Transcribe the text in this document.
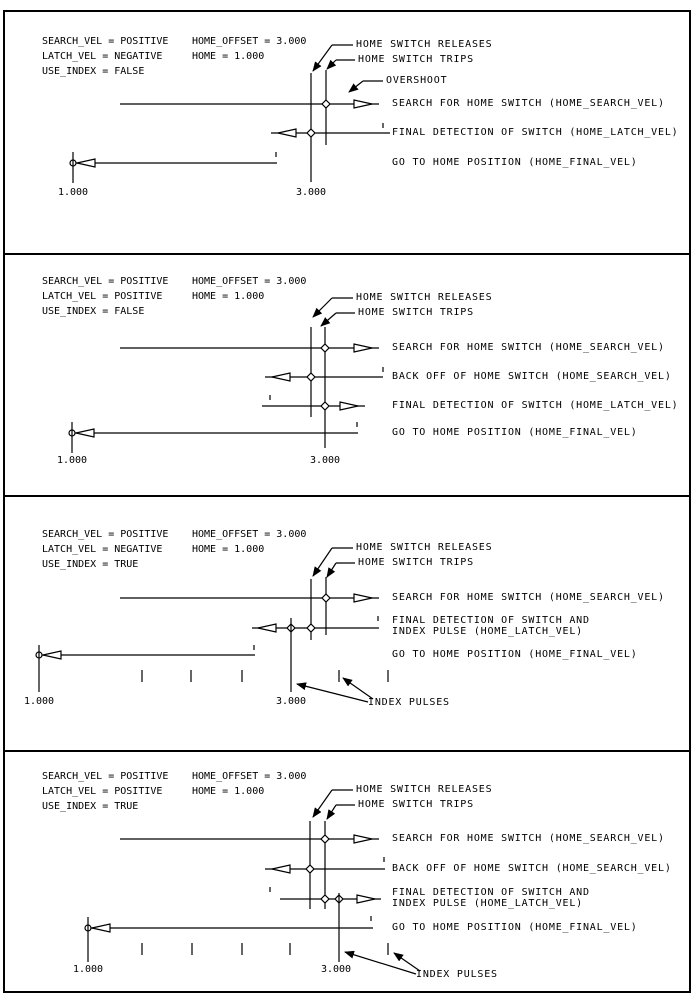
SEARCH_VEL = POSITIVE HOME_OFFSET = 3.000
LATCH_VEL = NEGATIVE	HOME = 1.000
USE_INDEX = FALSE
HOME SWITCH RELEASES
HOME SWITCH TRIPS
OVERSHOOT
SEARCH FOR HOME SWITCH (HOME_SEARCH_VEL)
FINAL DETECTION OF SWITCH (HOME_LATCH_VEL)
GO TO HOME POSITION (HOME_FINAL_VEL)
1.000	3.000
SEARCH_VEL = POSITIVE HOME_OFFSET = 3.000
LATCH_VEL = POSITIVE	HOME = 1.000
USE_INDEX = FALSE
HOME SWITCH RELEASES
HOME SWITCH TRIPS
SEARCH FOR HOME SWITCH (HOME_SEARCH_VEL)
BACK OFF OF HOME SWITCH (HOME_SEARCH_VEL)
FINAL DETECTION OF SWITCH (HOME_LATCH_VEL)
GO TO HOME POSITION (HOME_FINAL_VEL)
1.000	3.000
SEARCH_VEL = POSITIVE HOME_OFFSET = 3.000
LATCH_VEL = NEGATIVE	HOME = 1.000
USE_INDEX = TRUE
HOME SWITCH RELEASES
HOME SWITCH TRIPS
SEARCH FOR HOME SWITCH (HOME_SEARCH_VEL)
FINAL DETECTION OF SWITCH AND
INDEX PULSE (HOME_LATCH_VEL)
GO TO HOME POSITION (HOME_FINAL_VEL)
INDEX PULSES
1.000	3.000
SEARCH_VEL = POSITIVE HOME_OFFSET = 3.000
LATCH_VEL = POSITIVE	HOME = 1.000
USE_INDEX = TRUE
HOME SWITCH RELEASES
HOME SWITCH TRIPS
SEARCH FOR HOME SWITCH (HOME_SEARCH_VEL)
BACK OFF OF HOME SWITCH (HOME_SEARCH_VEL)
FINAL DETECTION OF SWITCH AND
INDEX PULSE (HOME_LATCH_VEL)
GO TO HOME POSITION (HOME_FINAL_VEL)
INDEX PULSES
1.000	3.000
